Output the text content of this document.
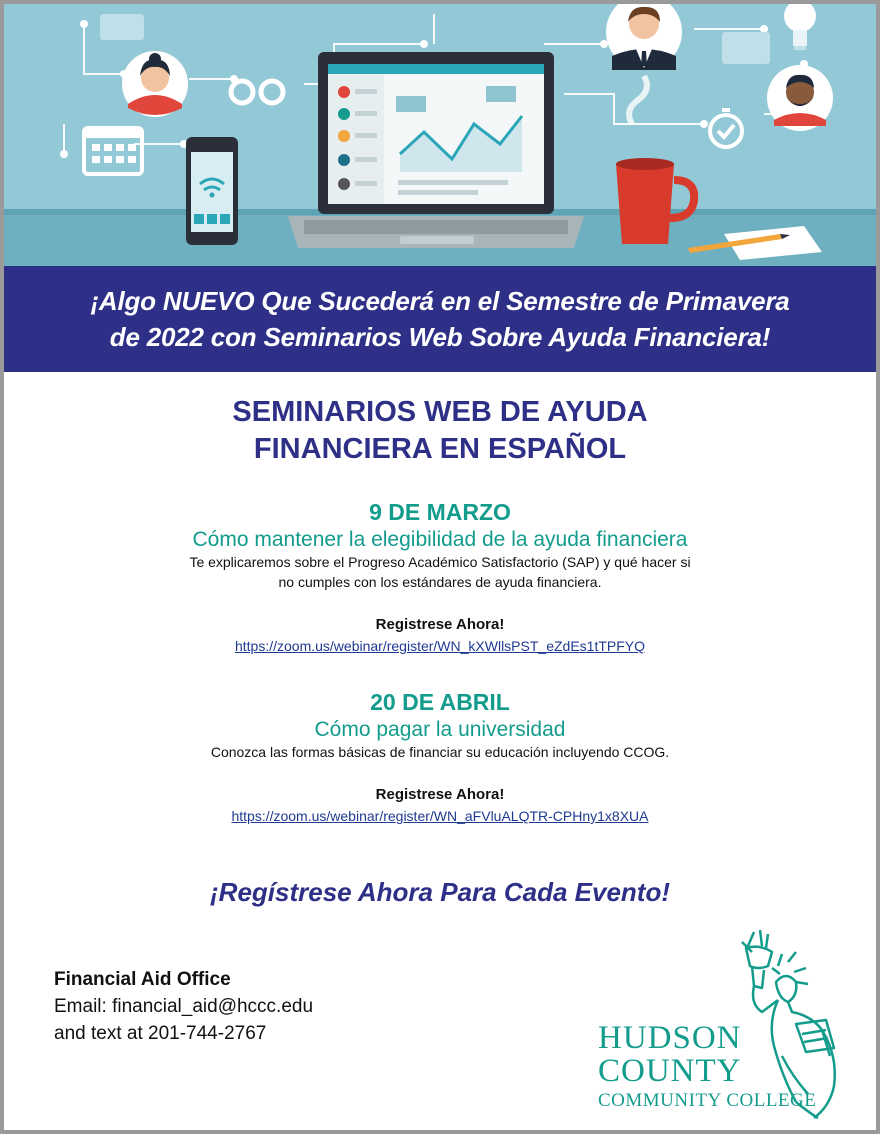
¡Algo NUEVO Que Sucederá en el Semestre de Primavera
de 2022 con Seminarios Web Sobre Ayuda Financiera!
SEMINARIOS WEB DE AYUDA
FINANCIERA EN ESPAÑOL
9 DE MARZO
Cómo mantener la elegibilidad de la ayuda financiera
Te explicaremos sobre el Progreso Académico Satisfactorio (SAP) y qué hacer si
no cumples con los estándares de ayuda financiera.
Registrese Ahora!
https://zoom.us/webinar/register/WN_kXWllsPST_eZdEs1tTPFYQ
20 DE ABRIL
Cómo pagar la universidad
Conozca las formas básicas de financiar su educación incluyendo CCOG.
Registrese Ahora!
https://zoom.us/webinar/register/WN_aFVluALQTR-CPHny1x8XUA
¡Regístrese Ahora Para Cada Evento!
Financial Aid Office
Email: financial_aid@hccc.edu
and text at 201-744-2767	HUDSON
COUNTY
COMMUNITY COLLEGE
